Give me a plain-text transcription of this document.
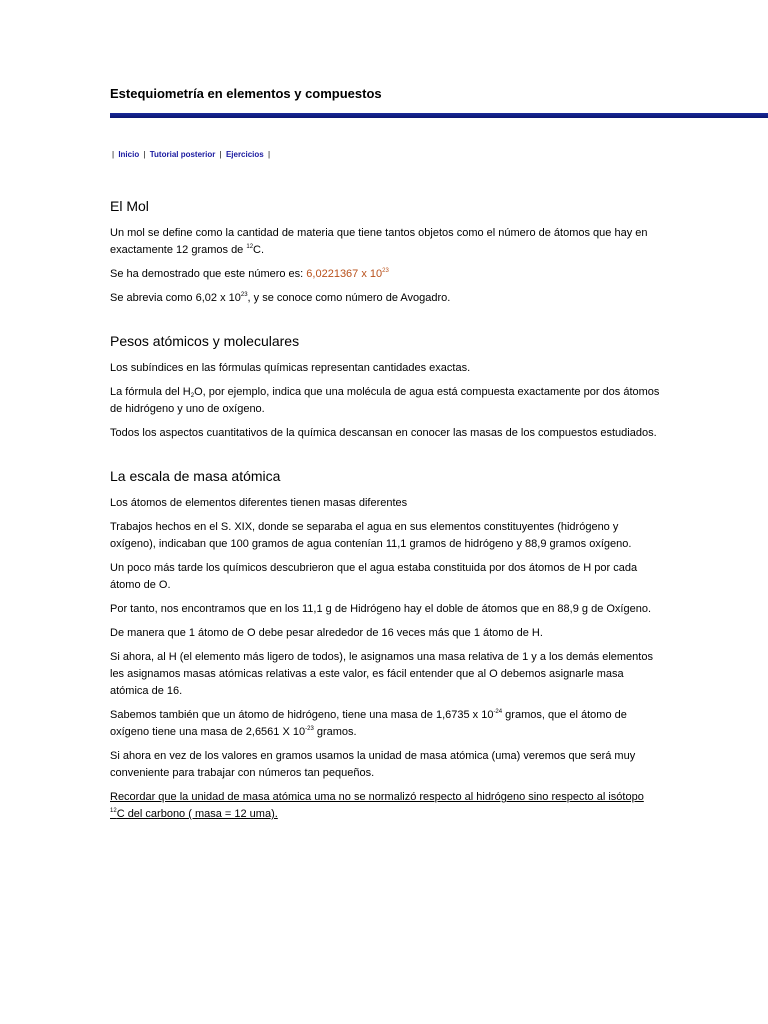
Estequiometría en elementos y compuestos
| Inicio | Tutorial posterior | Ejercicios |
El Mol

Un mol se define como la cantidad de materia que tiene tantos objetos como el número de átomos que hay en exactamente 12 gramos de $^{12}$C.

Se ha demostrado que este número es: 6,0221367 x $10^{23}$

Se abrevia como 6,02 x $10^{23}$, y se conoce como número de Avogadro.

Pesos atómicos y moleculares

Los subíndices en las fórmulas químicas representan cantidades exactas.

La fórmula del $H_2O$, por ejemplo, indica que una molécula de agua está compuesta exactamente por dos átomos de hidrógeno y uno de oxígeno.

Todos los aspectos cuantitativos de la química descansan en conocer las masas de los compuestos estudiados.

La escala de masa atómica

Los átomos de elementos diferentes tienen masas diferentes

Trabajos hechos en el S. XIX, donde se separaba el agua en sus elementos constituyentes (hidrógeno y oxígeno), indicaban que 100 gramos de agua contenían 11,1 gramos de hidrógeno y 88,9 gramos oxígeno.

Un poco más tarde los químicos descubrieron que el agua estaba constituida por dos átomos de H por cada átomo de O.

Por tanto, nos encontramos que en los 11,1 g de Hidrógeno hay el doble de átomos que en 88,9 g de Oxígeno.

De manera que 1 átomo de O debe pesar alrededor de 16 veces más que 1 átomo de H.

Si ahora, al H (el elemento más ligero de todos), le asignamos una masa relativa de 1 y a los demás elementos les asignamos masas atómicas relativas a este valor, es fácil entender que al O debemos asignarle masa atómica de 16.

Sabemos también que un átomo de hidrógeno, tiene una masa de 1,6735 x $10^{-24}$ gramos, que el átomo de oxígeno tiene una masa de 2,6561 X $10^{-23}$ gramos.

Si ahora en vez de los valores en gramos usamos la unidad de masa atómica (uma) veremos que será muy conveniente para trabajar con números tan pequeños.

Recordar que la unidad de masa atómica uma no se normalizó respecto al hidrógeno sino respecto al isótopo $^{12}$C del carbono ( masa = 12 uma).
